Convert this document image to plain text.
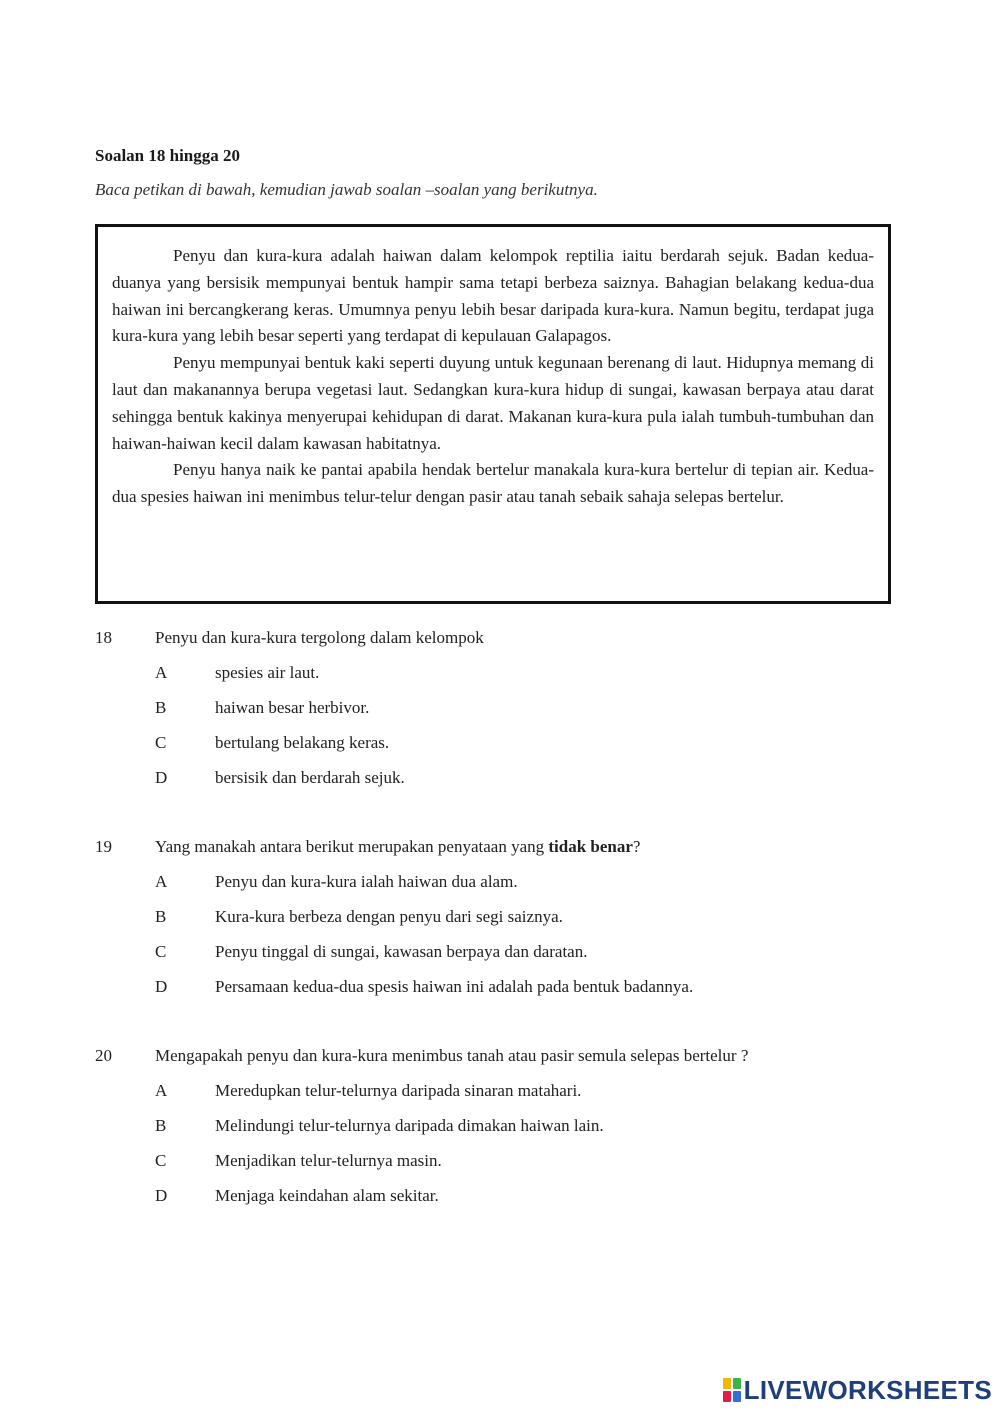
Soalan 18 hingga 20
Baca petikan di bawah, kemudian jawab soalan –soalan yang berikutnya.

Penyu dan kura-kura adalah haiwan dalam kelompok reptilia iaitu berdarah sejuk. Badan kedua-duanya yang bersisik mempunyai bentuk hampir sama tetapi berbeza saiznya. Bahagian belakang kedua-dua haiwan ini bercangkerang keras. Umumnya penyu lebih besar daripada kura-kura. Namun begitu, terdapat juga kura-kura yang lebih besar seperti yang terdapat di kepulauan Galapagos.

Penyu mempunyai bentuk kaki seperti duyung untuk kegunaan berenang di laut. Hidupnya memang di laut dan makanannya berupa vegetasi laut. Sedangkan kura-kura hidup di sungai, kawasan berpaya atau darat sehingga bentuk kakinya menyerupai kehidupan di darat. Makanan kura-kura pula ialah tumbuh-tumbuhan dan haiwan-haiwan kecil dalam kawasan habitatnya.

Penyu hanya naik ke pantai apabila hendak bertelur manakala kura-kura bertelur di tepian air. Kedua-dua spesies haiwan ini menimbus telur-telur dengan pasir atau tanah sebaik sahaja selepas bertelur.

18	Penyu dan kura-kura tergolong dalam kelompok
A	spesies air laut.
B	haiwan besar herbivor.
C	bertulang belakang keras.
D	bersisik dan berdarah sejuk.
19	Yang manakah antara berikut merupakan penyataan yang tidak benar?
A	Penyu dan kura-kura ialah haiwan dua alam.
B	Kura-kura berbeza dengan penyu dari segi saiznya.
C	Penyu tinggal di sungai, kawasan berpaya dan daratan.
D	Persamaan kedua-dua spesis haiwan ini adalah pada bentuk badannya.
20	Mengapakah penyu dan kura-kura menimbus tanah atau pasir semula selepas bertelur ?
A	Meredupkan telur-telurnya daripada sinaran matahari.
B	Melindungi telur-telurnya daripada dimakan haiwan lain.
C	Menjadikan telur-telurnya masin.
D	Menjaga keindahan alam sekitar.
LIVEWORKSHEETS
